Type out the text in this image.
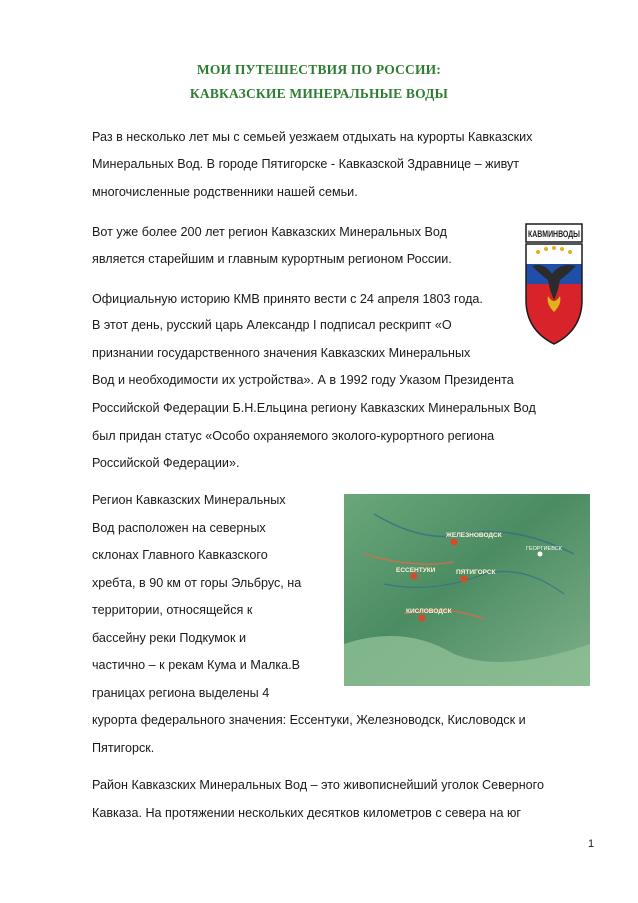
МОИ ПУТЕШЕСТВИЯ ПО РОССИИ:
КАВКАЗСКИЕ МИНЕРАЛЬНЫЕ ВОДЫ
Раз в несколько лет мы с семьей уезжаем отдыхать на курорты Кавказских
Минеральных Вод. В городе Пятигорске - Кавказской Здравнице – живут
многочисленные родственники нашей семьи.
Вот уже более 200 лет регион Кавказских Минеральных Вод
является старейшим и главным курортным регионом России.
Официальную историю КМВ принято вести с 24 апреля 1803 года.
В этот день, русский царь Александр I подписал рескрипт «О
признании государственного значения Кавказских Минеральных
Вод и необходимости их устройства». А в 1992 году Указом Президента
Российской Федерации Б.Н.Ельцина региону Кавказских Минеральных Вод
был придан статус «Особо охраняемого эколого-курортного региона
Российской Федерации».
Регион Кавказских Минеральных
Вод расположен на северных
склонах Главного Кавказского
хребта, в 90 км от горы Эльбрус, на
территории, относящейся к
бассейну реки Подкумок и
частично – к рекам Кума и Малка.В
границах региона выделены 4
курорта федерального значения: Ессентуки, Железноводск, Кисловодск и
Пятигорск.
Район Кавказских Минеральных Вод – это живописнейший уголок Северного
Кавказа. На протяжении нескольких десятков километров с севера на юг
КАВМИНВОДЫ
ЖЕЛЕЗНОВОДСК
ЕССЕНТУКИ	ПЯТИГОРСК
КИСЛОВОДСК
ГЕОРГИЕВСК
1
